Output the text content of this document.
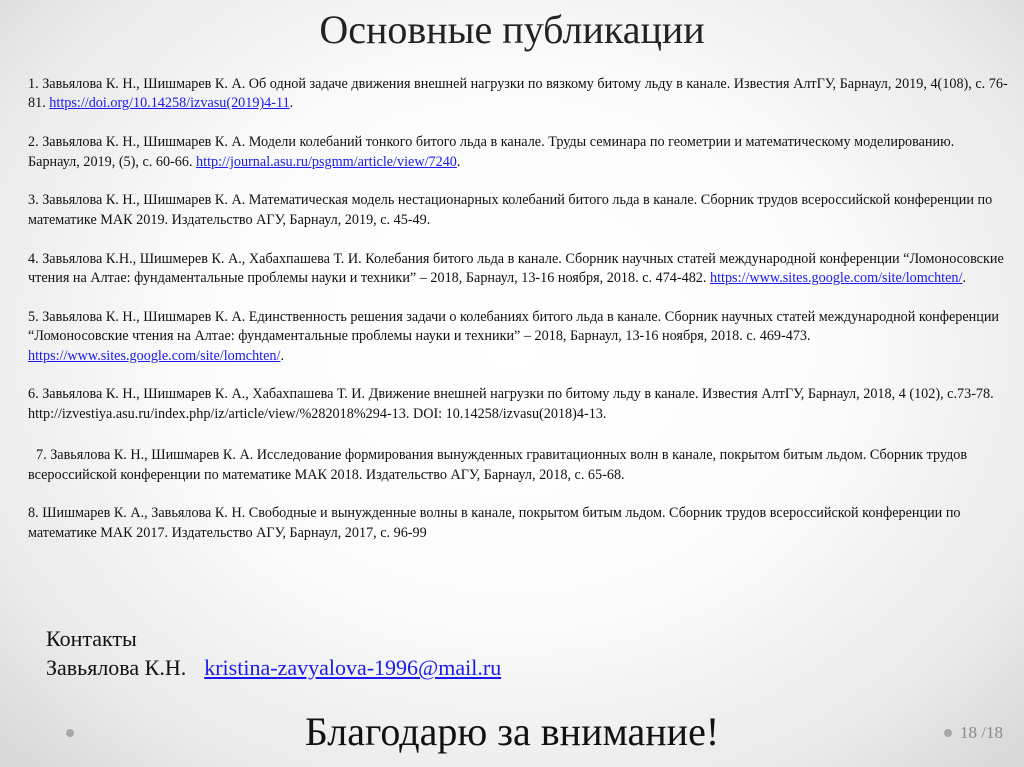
Основные публикации
1. Завьялова К. Н., Шишмарев К. А. Об одной задаче движения внешней нагрузки по вязкому битому льду в канале. Известия АлтГУ, Барнаул, 2019, 4(108), с. 76-81. https://doi.org/10.14258/izvasu(2019)4-11.
2. Завьялова К. Н., Шишмарев К. А. Модели колебаний тонкого битого льда в канале. Труды семинара по геометрии и математическому моделированию. Барнаул, 2019, (5), с. 60-66. http://journal.asu.ru/psgmm/article/view/7240.
3. Завьялова К. Н., Шишмарев К. А. Математическая модель нестационарных колебаний битого льда в канале. Сборник трудов всероссийской конференции по математике МАК 2019. Издательство АГУ, Барнаул, 2019, с. 45-49.
4. Завьялова К.Н., Шишмерев К. А., Хабахпашева Т. И. Колебания битого льда в канале. Сборник научных статей международной конференции “Ломоносовские чтения на Алтае: фундаментальные проблемы науки и техники” – 2018, Барнаул, 13-16 ноября, 2018. с. 474-482. https://www.sites.google.com/site/lomchten/.
5. Завьялова К. Н., Шишмарев К. А. Единственность решения задачи о колебаниях битого льда в канале. Сборник научных статей международной конференции “Ломоносовские чтения на Алтае: фундаментальные проблемы науки и техники” – 2018, Барнаул, 13-16 ноября, 2018. с. 469-473. https://www.sites.google.com/site/lomchten/.
6. Завьялова К. Н., Шишмарев К. А., Хабахпашева Т. И. Движение внешней нагрузки по битому льду в канале. Известия АлтГУ, Барнаул, 2018, 4 (102), с.73-78. http://izvestiya.asu.ru/index.php/iz/article/view/%282018%294-13. DOI: 10.14258/izvasu(2018)4-13.
7. Завьялова К. Н., Шишмарев К. А. Исследование формирования вынужденных гравитационных волн в канале, покрытом битым льдом. Сборник трудов всероссийской конференции по математике МАК 2018. Издательство АГУ, Барнаул, 2018, с. 65-68.
8. Шишмарев К. А., Завьялова К. Н. Свободные и вынужденные волны в канале, покрытом битым льдом. Сборник трудов всероссийской конференции по математике МАК 2017. Издательство АГУ, Барнаул, 2017, с. 96-99
Контакты
Завьялова К.Н. kristina-zavyalova-1996@mail.ru
Благодарю за внимание!	18 /18
